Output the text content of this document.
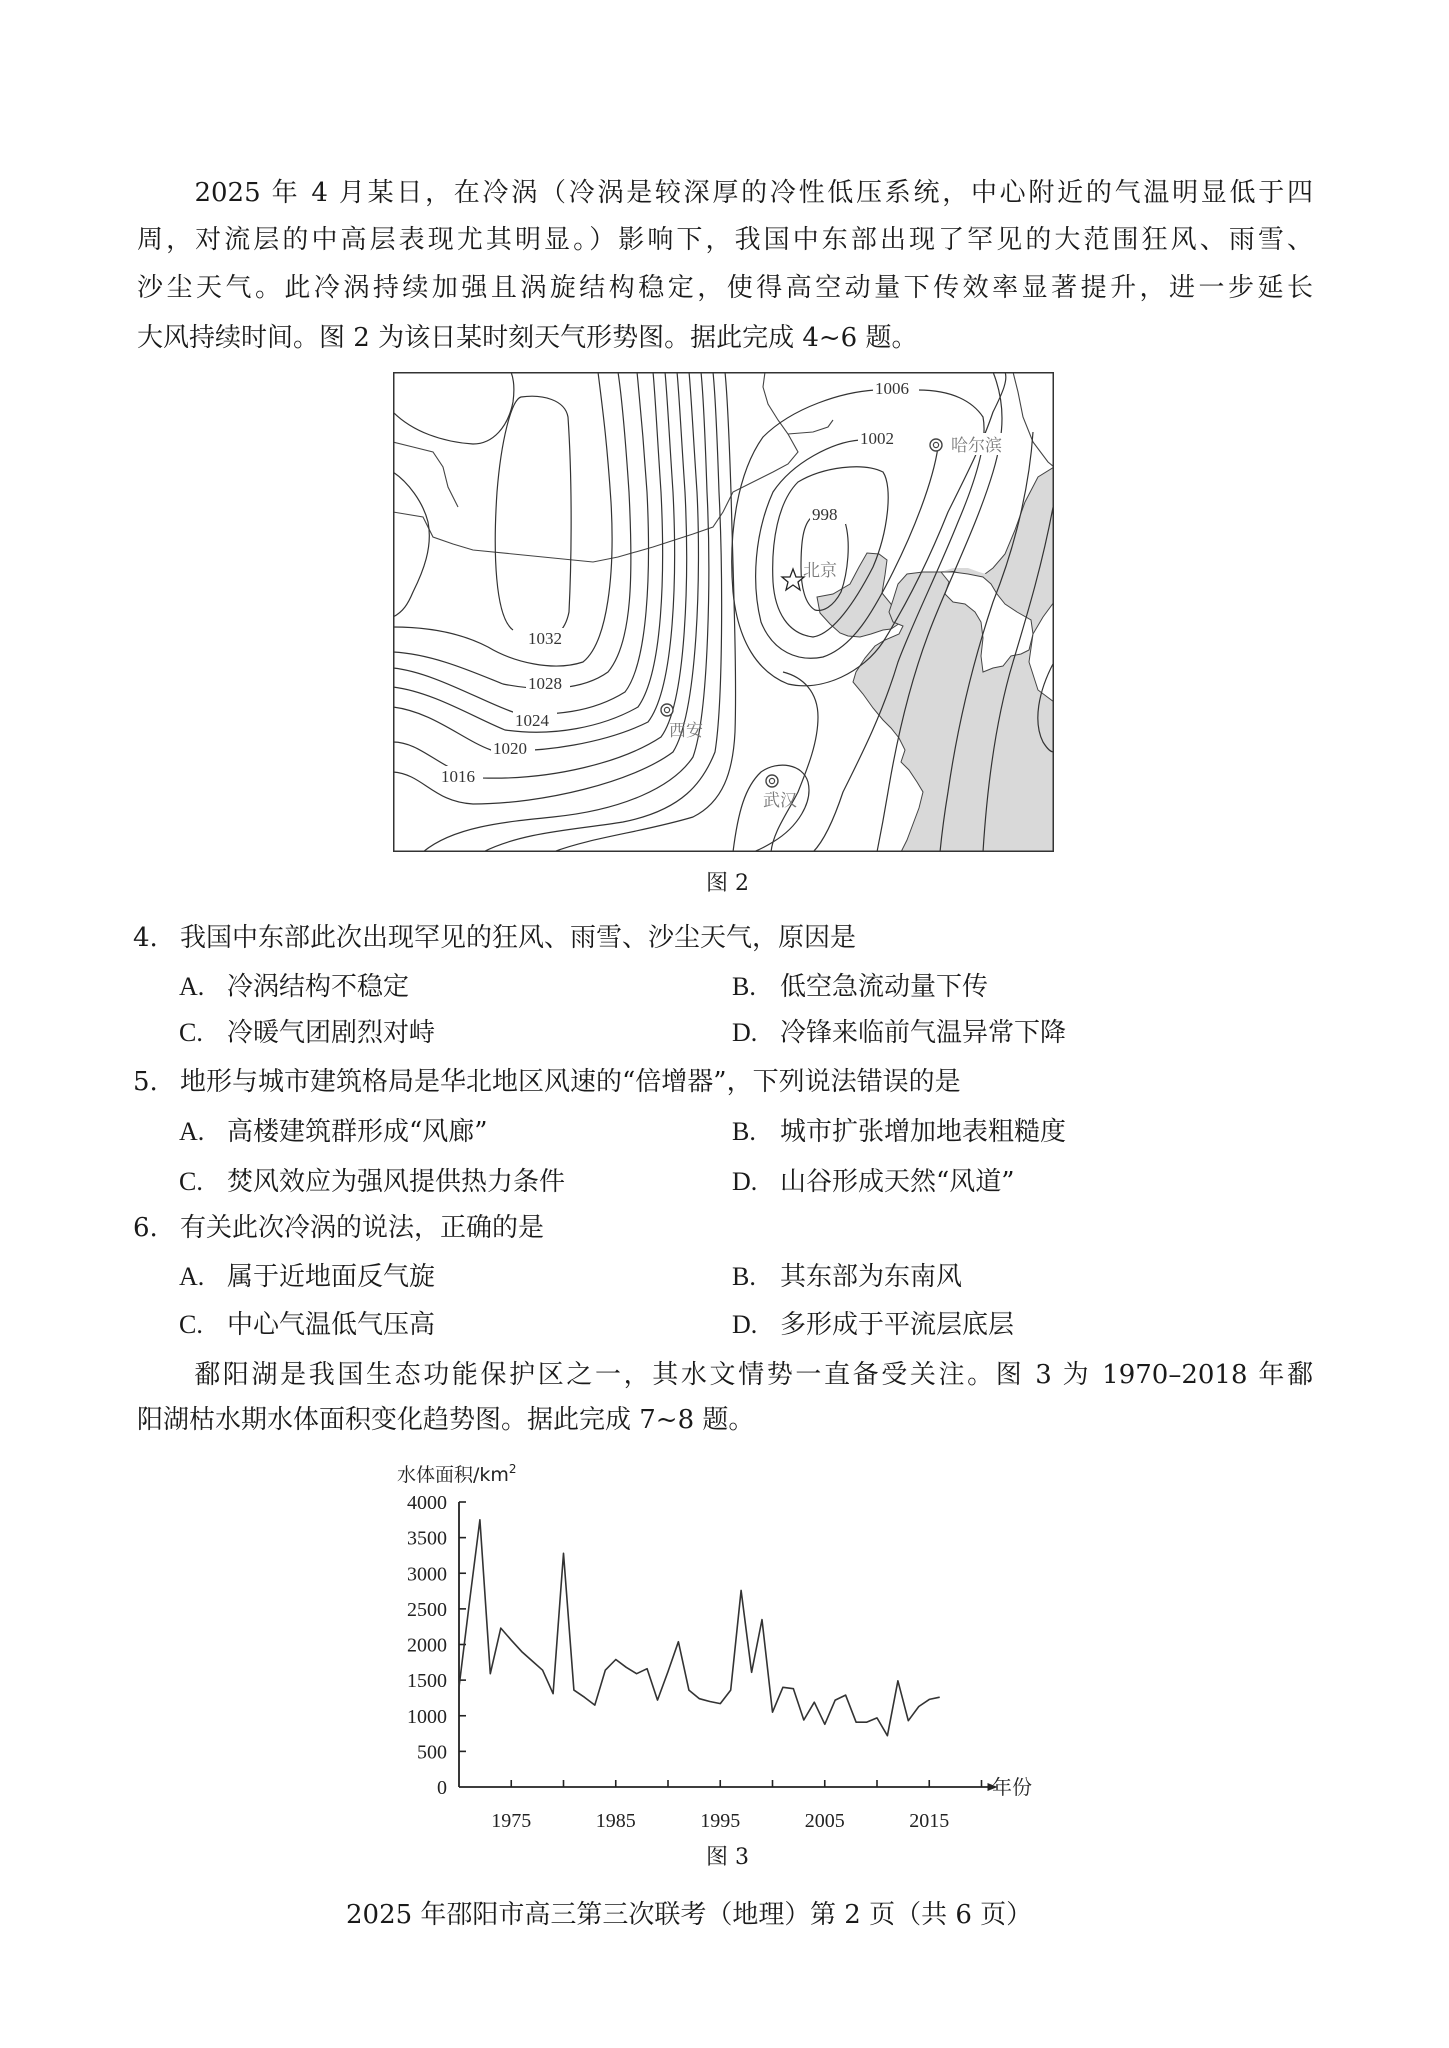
　　2025 年 4 月某日，在冷涡（冷涡是较深厚的冷性低压系统，中心附近的气温明显低于四
周，对流层的中高层表现尤其明显。）影响下，我国中东部出现了罕见的大范围狂风、雨雪、
沙尘天气。此冷涡持续加强且涡旋结构稳定，使得高空动量下传效率显著提升，进一步延长
大风持续时间。图 2 为该日某时刻天气形势图。据此完成 4~6 题。
1006
1002
998
1032
1028
1024
1020
1016
哈尔滨
北京
西安
武汉
图 2
4. 我国中东部此次出现罕见的狂风、雨雪、沙尘天气，原因是
A. 冷涡结构不稳定	B. 低空急流动量下传
C. 冷暖气团剧烈对峙	D. 冷锋来临前气温异常下降
5. 地形与城市建筑格局是华北地区风速的“倍增器”，下列说法错误的是
A. 高楼建筑群形成“风廊”	B. 城市扩张增加地表粗糙度
C. 焚风效应为强风提供热力条件	D. 山谷形成天然“风道”
6. 有关此次冷涡的说法，正确的是
A. 属于近地面反气旋	B. 其东部为东南风
C. 中心气温低气压高	D. 多形成于平流层底层
　　鄱阳湖是我国生态功能保护区之一，其水文情势一直备受关注。图 3 为 1970–2018 年鄱
阳湖枯水期水体面积变化趋势图。据此完成 7~8 题。
0
500
1000
1500
2000
2500
3000
3500
4000
1975	1985	1995	2005	2015
水体面积$/km^2$
年份
图 3
2025 年邵阳市高三第三次联考（地理） 第 2 页（共 6 页）
